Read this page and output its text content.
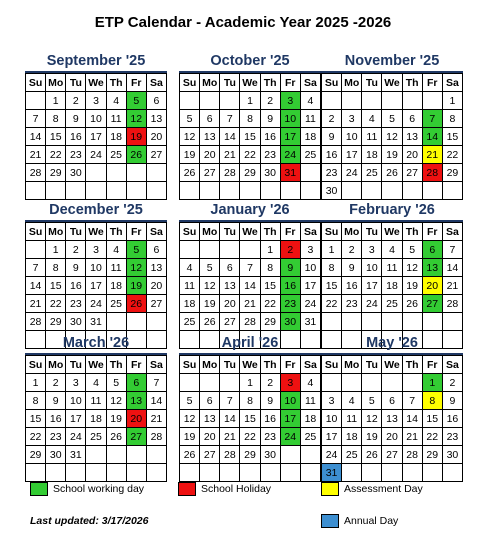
ETP Calendar - Academic Year 2025 -2026
September '25
Su	Mo	Tu	We	Th	Fr	Sa
	1	2	3	4	5	6
7	8	9	10	11	12	13
14	15	16	17	18	19	20
21	22	23	24	25	26	27
28	29	30				

October '25
Su	Mo	Tu	We	Th	Fr	Sa
			1	2	3	4
5	6	7	8	9	10	11
12	13	14	15	16	17	18
19	20	21	22	23	24	25
26	27	28	29	30	31	

November '25
Su	Mo	Tu	We	Th	Fr	Sa
						1
2	3	4	5	6	7	8
9	10	11	12	13	14	15
16	17	18	19	20	21	22
23	24	25	26	27	28	29
30						
December '25
Su	Mo	Tu	We	Th	Fr	Sa
	1	2	3	4	5	6
7	8	9	10	11	12	13
14	15	16	17	18	19	20
21	22	23	24	25	26	27
28	29	30	31			

January '26
Su	Mo	Tu	We	Th	Fr	Sa
				1	2	3
4	5	6	7	8	9	10
11	12	13	14	15	16	17
18	19	20	21	22	23	24
25	26	27	28	29	30	31

February '26
Su	Mo	Tu	We	Th	Fr	Sa
1	2	3	4	5	6	7
8	9	10	11	12	13	14
15	16	17	18	19	20	21
22	23	24	25	26	27	28

March '26
Su	Mo	Tu	We	Th	Fr	Sa
1	2	3	4	5	6	7
8	9	10	11	12	13	14
15	16	17	18	19	20	21
22	23	24	25	26	27	28
29	30	31				

April '26
Su	Mo	Tu	We	Th	Fr	Sa
			1	2	3	4
5	6	7	8	9	10	11
12	13	14	15	16	17	18
19	20	21	22	23	24	25
26	27	28	29	30		

May '26
Su	Mo	Tu	We	Th	Fr	Sa
					1	2
3	4	5	6	7	8	9
10	11	12	13	14	15	16
17	18	19	20	21	22	23
24	25	26	27	28	29	30
31						
School working day	School Holiday	Assessment Day
Annual Day
Last updated: 3/17/2026
